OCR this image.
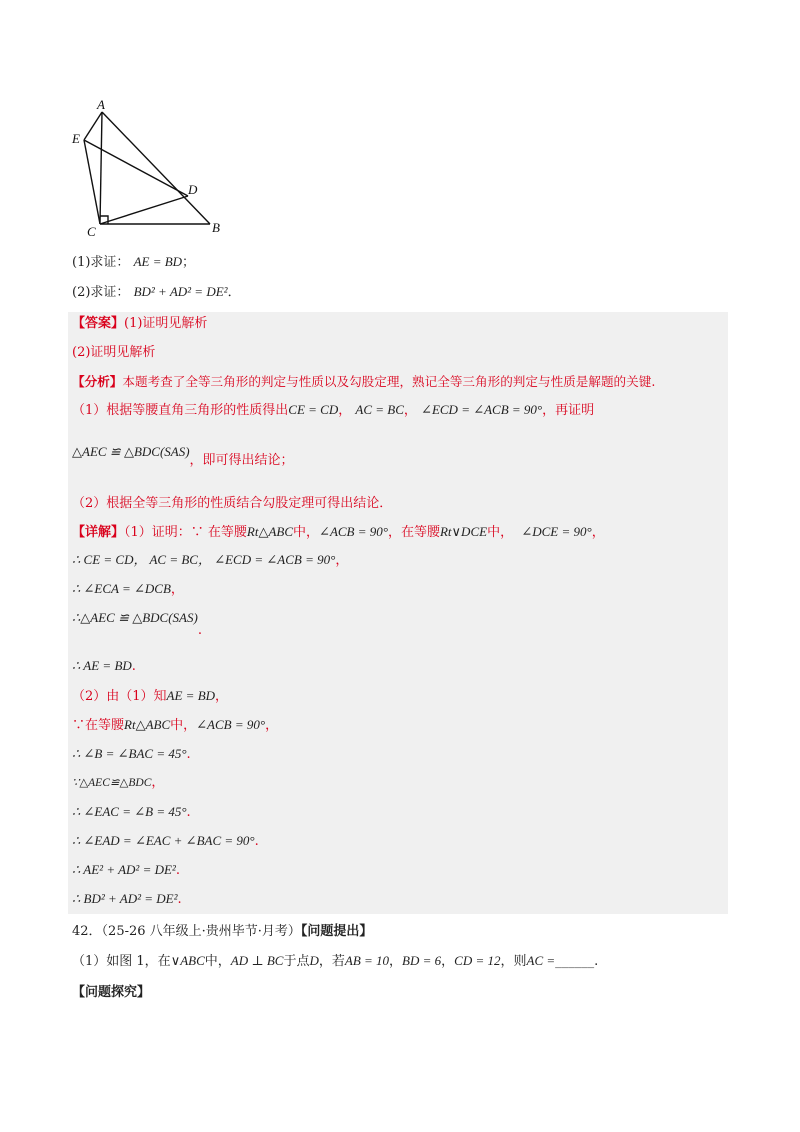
A
E
D
C	B
(1)求证： AE = BD；
(2)求证： BD² + AD² = DE²．
【答案】(1)证明见解析
(2)证明见解析
【分析】本题考查了全等三角形的判定与性质以及勾股定理，熟记全等三角形的判定与性质是解题的关键.
（1）根据等腰直角三角形的性质得出CE = CD， AC = BC， ∠ECD = ∠ACB = 90°，再证明
△AEC ≌ △BDC(SAS)，即可得出结论；
（2）根据全等三角形的性质结合勾股定理可得出结论．
【详解】（1）证明：∵ 在等腰Rt△ABC中，∠ACB = 90°，在等腰Rt∨DCE中， ∠DCE = 90°，
∴ CE = CD， AC = BC， ∠ECD = ∠ACB = 90°，
∴ ∠ECA = ∠DCB，
∴△AEC ≌ △BDC(SAS).
∴ AE = BD.
（2）由（1）知AE = BD，
∵在等腰Rt△ABC中，∠ACB = 90°，
∴ ∠B = ∠BAC = 45°.
∵△AEC≌△BDC，
∴ ∠EAC = ∠B = 45°.
∴ ∠EAD = ∠EAC + ∠BAC = 90°.
∴ AE² + AD² = DE².
∴ BD² + AD² = DE².
42．（25-26 八年级上·贵州毕节·月考）【问题提出】
（1）如图 1，在∨ABC中，AD ⊥ BC于点D，若AB = 10，BD = 6，CD = 12，则AC =______.
【问题探究】
